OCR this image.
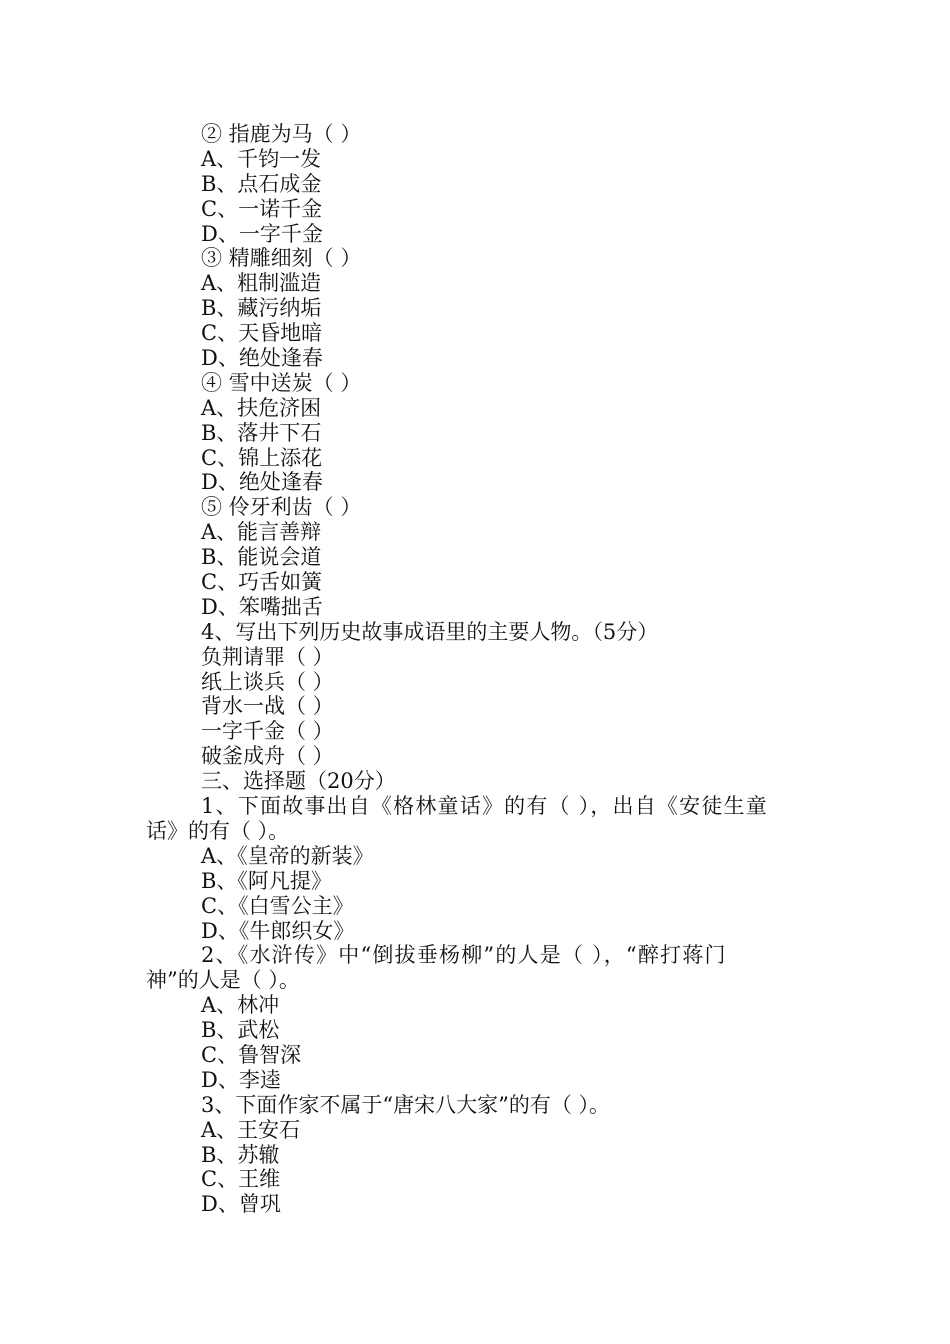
② 指鹿为马（ ）
A、千钧一发
B、点石成金
C、一诺千金
D、一字千金
③ 精雕细刻（ ）
A、粗制滥造
B、藏污纳垢
C、天昏地暗
D、绝处逢春
④ 雪中送炭（ ）
A、扶危济困
B、落井下石
C、锦上添花
D、绝处逢春
⑤ 伶牙利齿（ ）
A、能言善辩
B、能说会道
C、巧舌如簧
D、笨嘴拙舌
4、写出下列历史故事成语里的主要人物。（5分）
负荆请罪（ ）
纸上谈兵（ ）
背水一战（ ）
一字千金（ ）
破釜成舟（ ）
三、选择题（20分）
1、下面故事出自《格林童话》的有（ ），出自《安徒生童
话》的有（ ）。
A、《皇帝的新装》
B、《阿凡提》
C、《白雪公主》
D、《牛郎织女》
2、《水浒传》中“倒拔垂杨柳”的人是（ ），“醉打蒋门
神”的人是（ ）。
A、林冲
B、武松
C、鲁智深
D、李逵
3、下面作家不属于“唐宋八大家”的有（ ）。
A、王安石
B、苏辙
C、王维
D、曾巩
